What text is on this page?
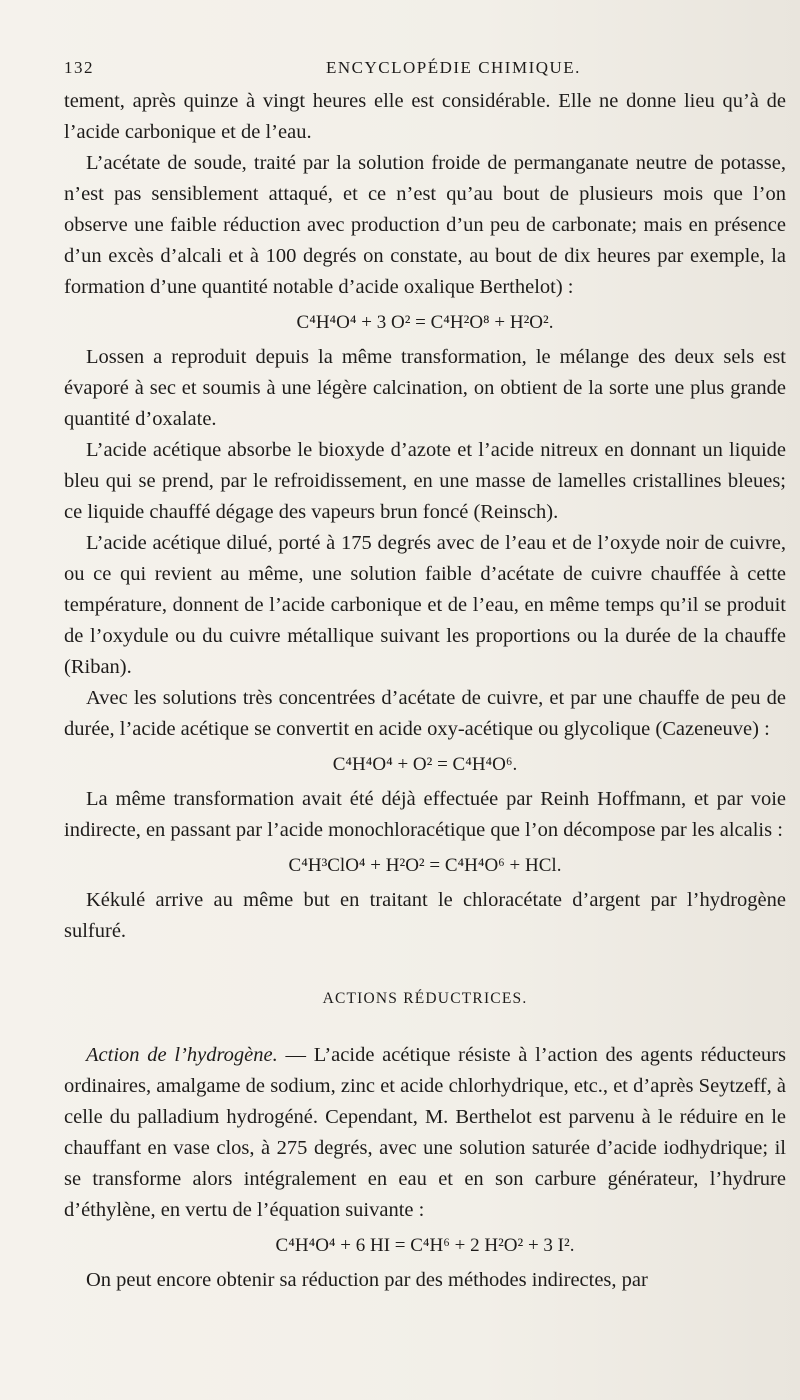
132	ENCYCLOPÉDIE CHIMIQUE.

tement, après quinze à vingt heures elle est considérable. Elle ne donne lieu qu’à de l’acide carbonique et de l’eau.

L’acétate de soude, traité par la solution froide de permanganate neutre de potasse, n’est pas sensiblement attaqué, et ce n’est qu’au bout de plusieurs mois que l’on observe une faible réduction avec production d’un peu de carbonate; mais en présence d’un excès d’alcali et à 100 degrés on constate, au bout de dix heures par exemple, la formation d’une quantité notable d’acide oxalique Berthelot) :

C⁴H⁴O⁴ + 3 O² = C⁴H²O⁸ + H²O².

Lossen a reproduit depuis la même transformation, le mélange des deux sels est évaporé à sec et soumis à une légère calcination, on obtient de la sorte une plus grande quantité d’oxalate.

L’acide acétique absorbe le bioxyde d’azote et l’acide nitreux en donnant un liquide bleu qui se prend, par le refroidissement, en une masse de lamelles cristallines bleues; ce liquide chauffé dégage des vapeurs brun foncé (Reinsch).

L’acide acétique dilué, porté à 175 degrés avec de l’eau et de l’oxyde noir de cuivre, ou ce qui revient au même, une solution faible d’acétate de cuivre chauffée à cette température, donnent de l’acide carbonique et de l’eau, en même temps qu’il se produit de l’oxydule ou du cuivre métallique suivant les proportions ou la durée de la chauffe (Riban).

Avec les solutions très concentrées d’acétate de cuivre, et par une chauffe de peu de durée, l’acide acétique se convertit en acide oxy-acétique ou glycolique (Cazeneuve) :

C⁴H⁴O⁴ + O² = C⁴H⁴O⁶.

La même transformation avait été déjà effectuée par Reinh Hoffmann, et par voie indirecte, en passant par l’acide monochloracétique que l’on décompose par les alcalis :

C⁴H³ClO⁴ + H²O² = C⁴H⁴O⁶ + HCl.

Kékulé arrive au même but en traitant le chloracétate d’argent par l’hydrogène sulfuré.

ACTIONS RÉDUCTRICES.

Action de l’hydrogène. — L’acide acétique résiste à l’action des agents réducteurs ordinaires, amalgame de sodium, zinc et acide chlorhydrique, etc., et d’après Seytzeff, à celle du palladium hydrogéné. Cependant, M. Berthelot est parvenu à le réduire en le chauffant en vase clos, à 275 degrés, avec une solution saturée d’acide iodhydrique; il se transforme alors intégralement en eau et en son carbure générateur, l’hydrure d’éthylène, en vertu de l’équation suivante :

C⁴H⁴O⁴ + 6 HI = C⁴H⁶ + 2 H²O² + 3 I².

On peut encore obtenir sa réduction par des méthodes indirectes, par
